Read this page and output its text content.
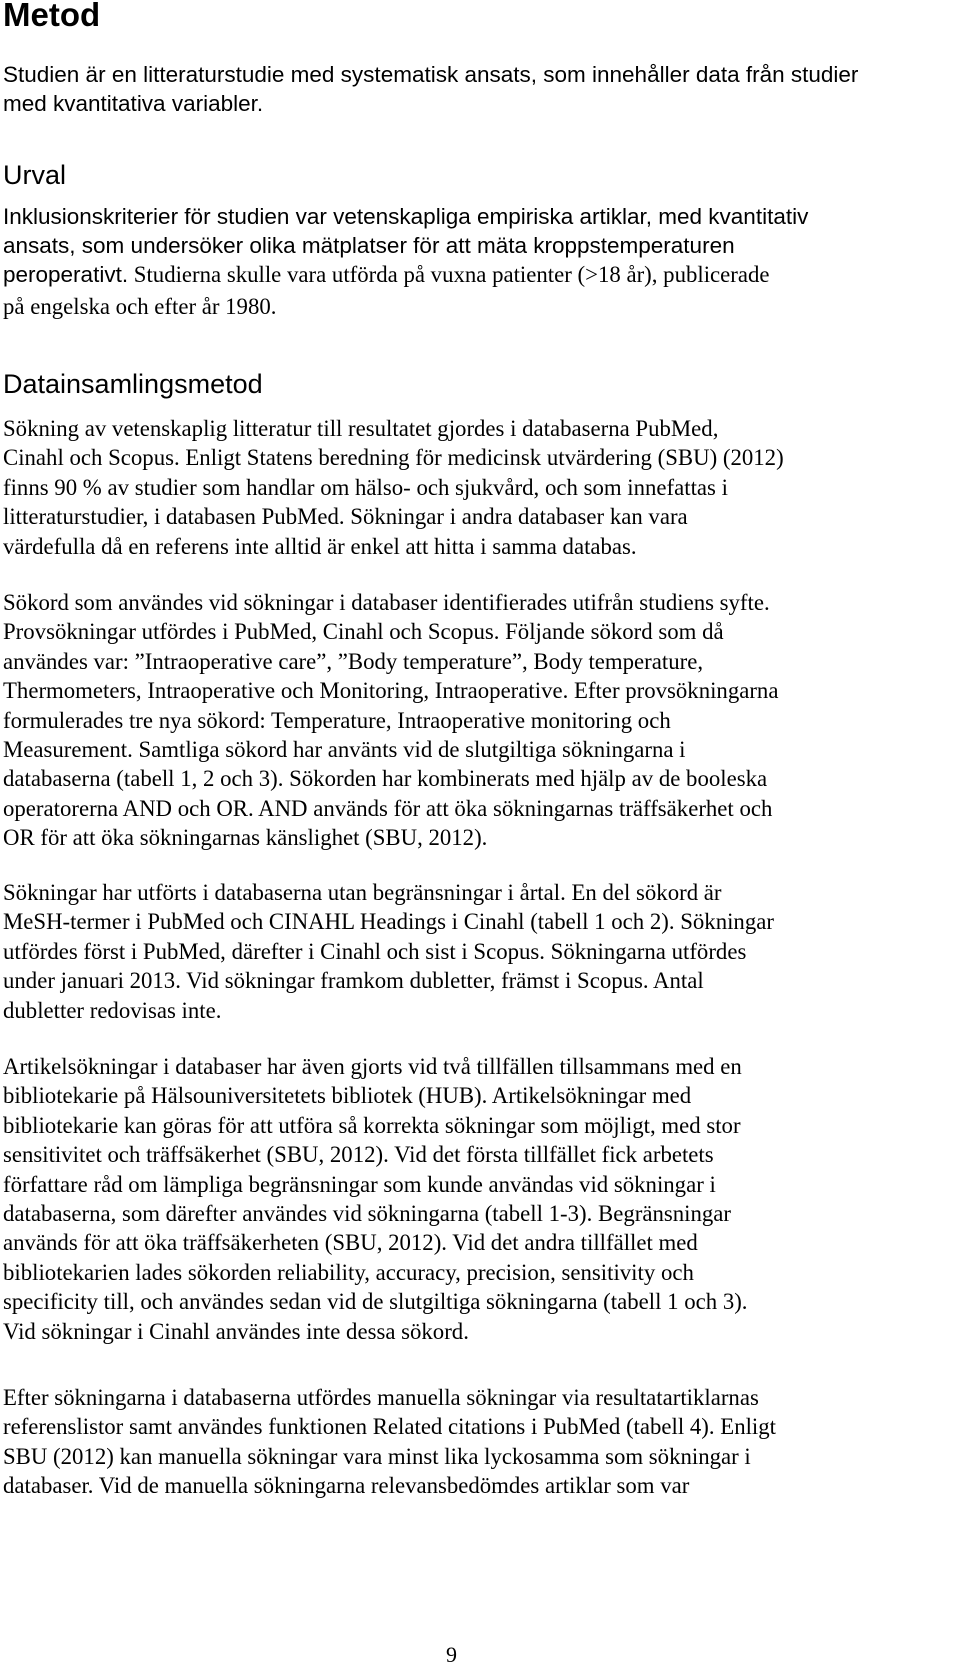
Metod
Studien är en litteraturstudie med systematisk ansats, som innehåller data från studier
med kvantitativa variabler.
Urval
Inklusionskriterier för studien var vetenskapliga empiriska artiklar, med kvantitativ
ansats, som undersöker olika mätplatser för att mäta kroppstemperaturen
peroperativt. Studierna skulle vara utförda på vuxna patienter (>18 år), publicerade
på engelska och efter år 1980.
Datainsamlingsmetod
Sökning av vetenskaplig litteratur till resultatet gjordes i databaserna PubMed,
Cinahl och Scopus. Enligt Statens beredning för medicinsk utvärdering (SBU) (2012)
finns 90 % av studier som handlar om hälso- och sjukvård, och som innefattas i
litteraturstudier, i databasen PubMed. Sökningar i andra databaser kan vara
värdefulla då en referens inte alltid är enkel att hitta i samma databas.
Sökord som användes vid sökningar i databaser identifierades utifrån studiens syfte.
Provsökningar utfördes i PubMed, Cinahl och Scopus. Följande sökord som då
användes var: ”Intraoperative care”, ”Body temperature”, Body temperature,
Thermometers, Intraoperative och Monitoring, Intraoperative. Efter provsökningarna
formulerades tre nya sökord: Temperature, Intraoperative monitoring och
Measurement. Samtliga sökord har använts vid de slutgiltiga sökningarna i
databaserna (tabell 1, 2 och 3). Sökorden har kombinerats med hjälp av de booleska
operatorerna AND och OR. AND används för att öka sökningarnas träffsäkerhet och
OR för att öka sökningarnas känslighet (SBU, 2012).
Sökningar har utförts i databaserna utan begränsningar i årtal. En del sökord är
MeSH-termer i PubMed och CINAHL Headings i Cinahl (tabell 1 och 2). Sökningar
utfördes först i PubMed, därefter i Cinahl och sist i Scopus. Sökningarna utfördes
under januari 2013. Vid sökningar framkom dubletter, främst i Scopus. Antal
dubletter redovisas inte.
Artikelsökningar i databaser har även gjorts vid två tillfällen tillsammans med en
bibliotekarie på Hälsouniversitetets bibliotek (HUB). Artikelsökningar med
bibliotekarie kan göras för att utföra så korrekta sökningar som möjligt, med stor
sensitivitet och träffsäkerhet (SBU, 2012). Vid det första tillfället fick arbetets
författare råd om lämpliga begränsningar som kunde användas vid sökningar i
databaserna, som därefter användes vid sökningarna (tabell 1-3). Begränsningar
används för att öka träffsäkerheten (SBU, 2012). Vid det andra tillfället med
bibliotekarien lades sökorden reliability, accuracy, precision, sensitivity och
specificity till, och användes sedan vid de slutgiltiga sökningarna (tabell 1 och 3).
Vid sökningar i Cinahl användes inte dessa sökord.
Efter sökningarna i databaserna utfördes manuella sökningar via resultatartiklarnas
referenslistor samt användes funktionen Related citations i PubMed (tabell 4). Enligt
SBU (2012) kan manuella sökningar vara minst lika lyckosamma som sökningar i
databaser. Vid de manuella sökningarna relevansbedömdes artiklar som var
9
